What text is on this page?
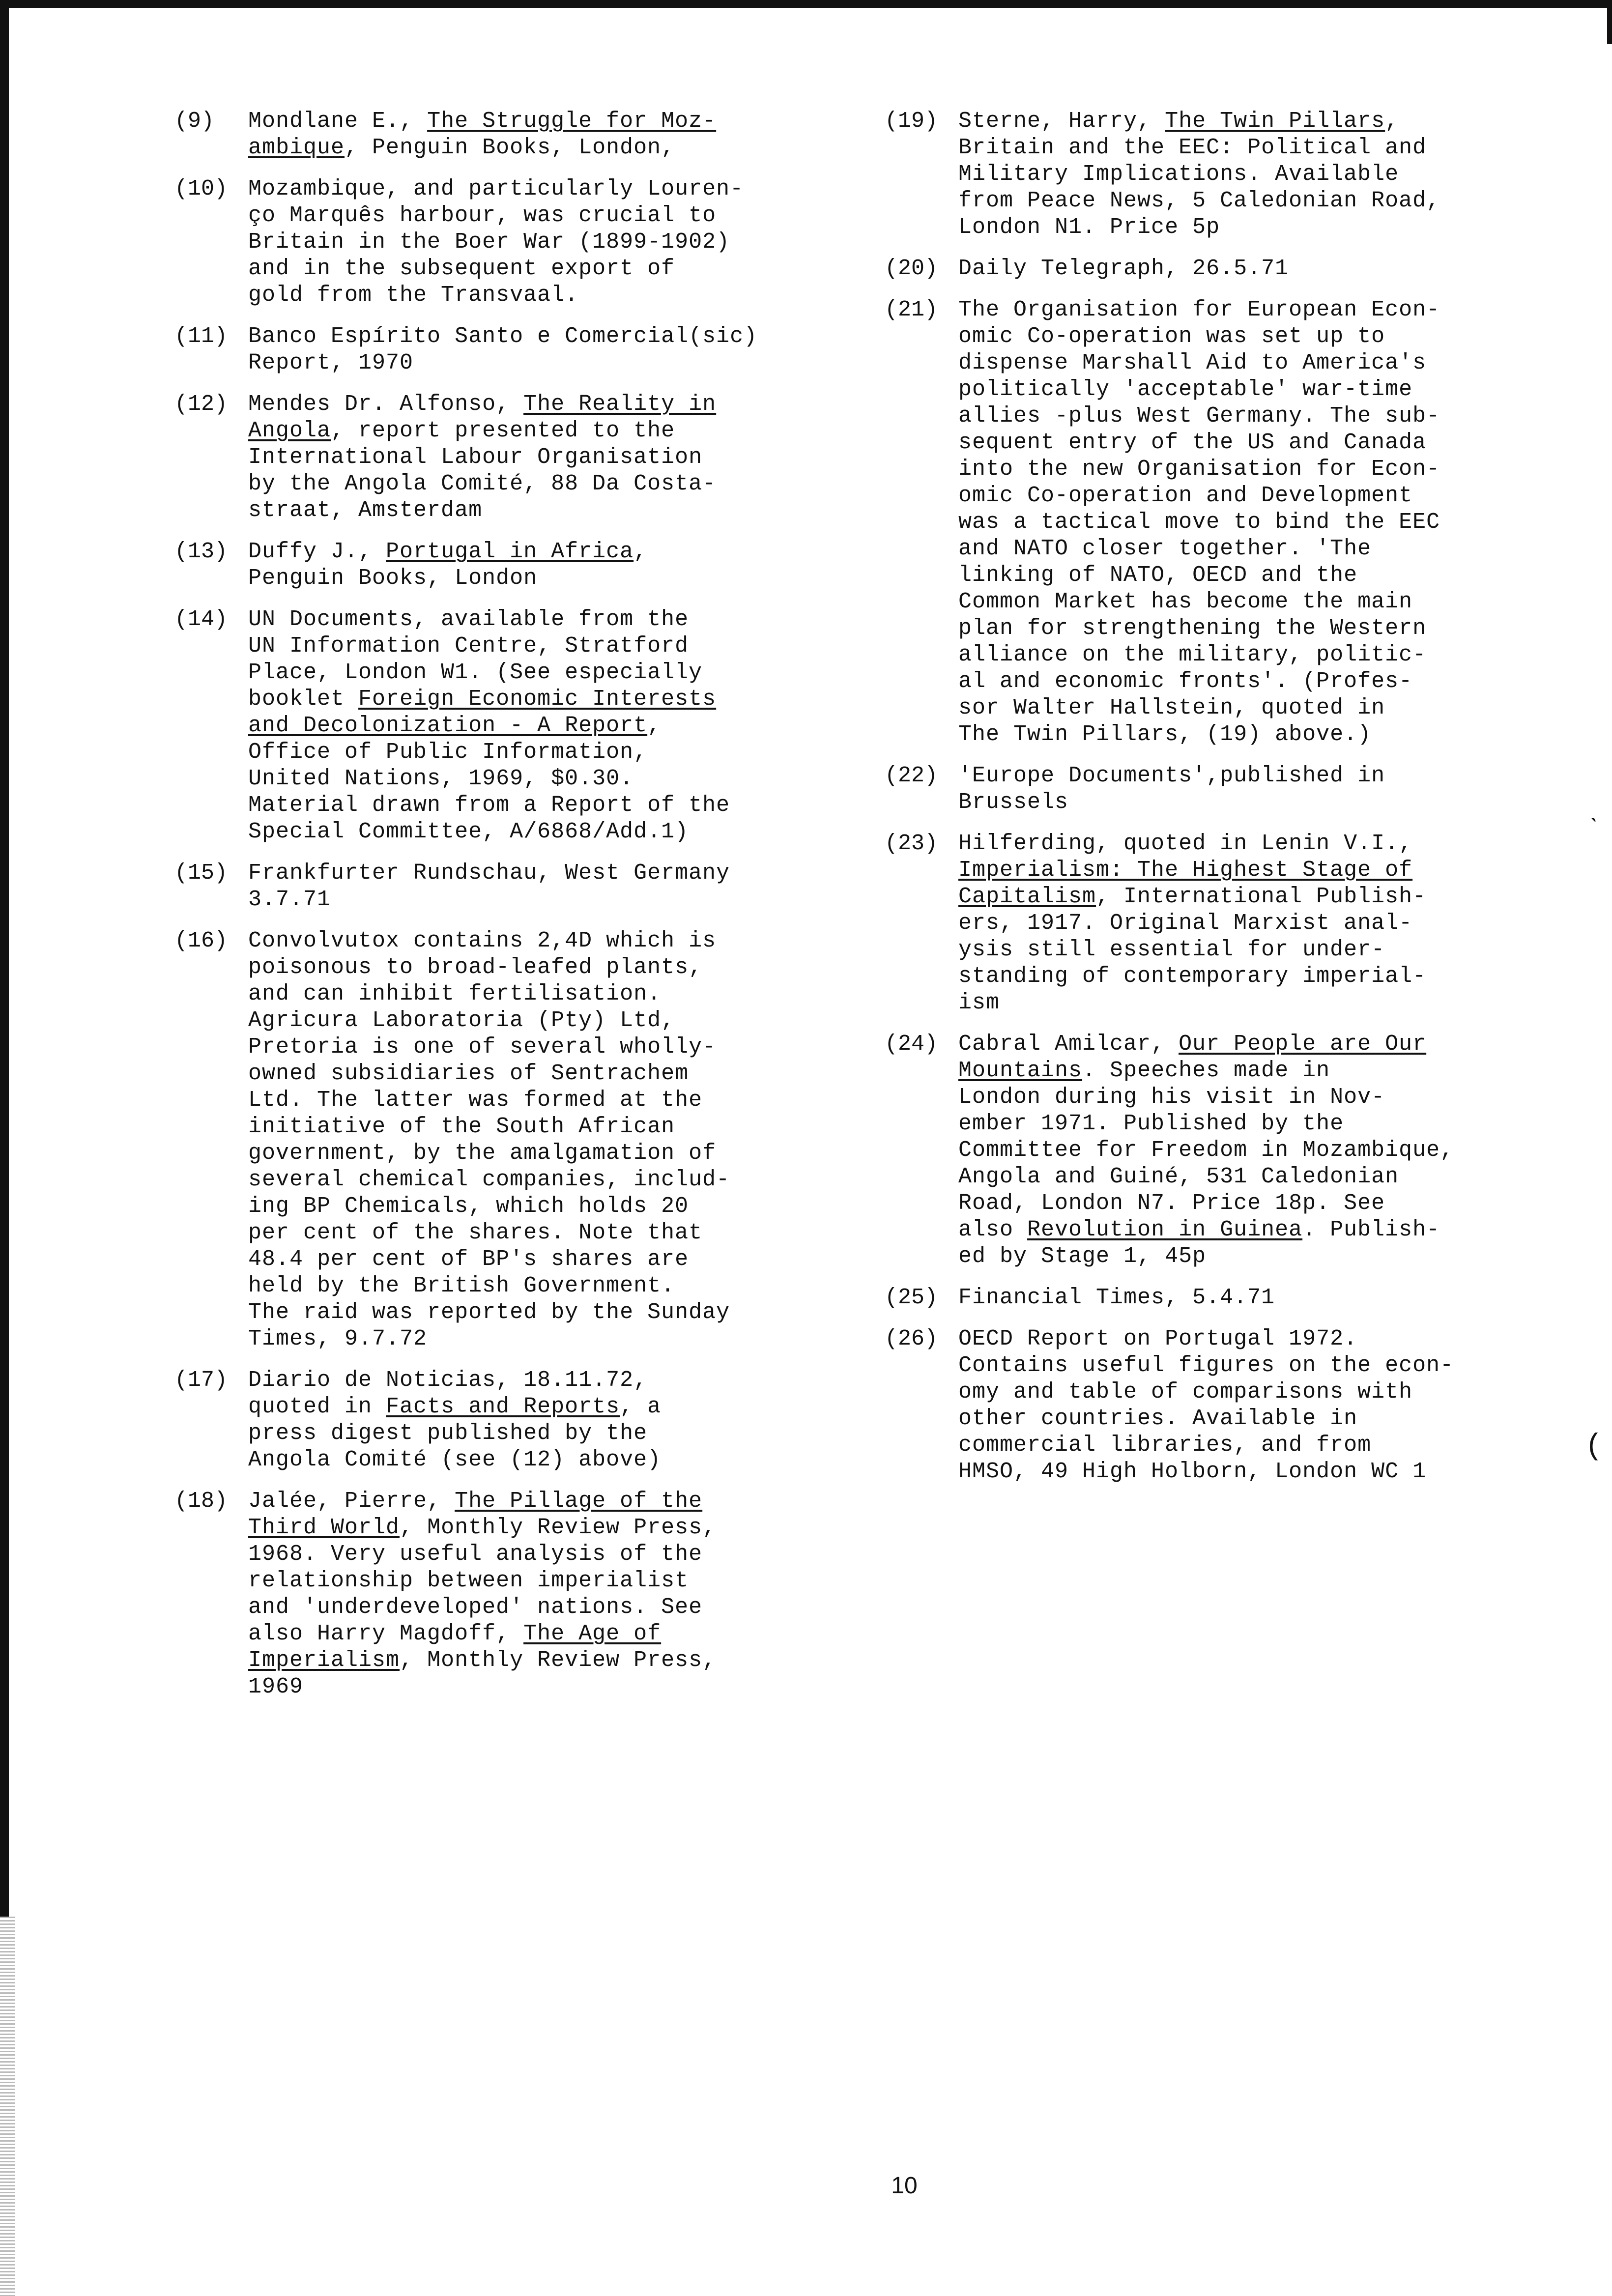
(9)	Mondlane E., The Struggle for Moz-
ambique, Penguin Books, London,
(10) Mozambique, and particularly Louren-
ço Marquês harbour, was crucial to
Britain in the Boer War (1899-1902)
and in the subsequent export of
gold from the Transvaal.
(11) Banco Espírito Santo e Comercial(sic)
Report, 1970
(12) Mendes Dr. Alfonso, The Reality in
Angola, report presented to the
International Labour Organisation
by the Angola Comité, 88 Da Costa-
straat, Amsterdam
(13) Duffy J., Portugal in Africa,
Penguin Books, London
(14) UN Documents, available from the
UN Information Centre, Stratford
Place, London W1. (See especially
booklet Foreign Economic Interests
and Decolonization - A Report,
Office of Public Information,
United Nations, 1969, $0.30.
Material drawn from a Report of the
Special Committee, A/6868/Add.1)
(15) Frankfurter Rundschau, West Germany
3.7.71
(16) Convolvutox contains 2,4D which is
poisonous to broad-leafed plants,
and can inhibit fertilisation.
Agricura Laboratoria (Pty) Ltd,
Pretoria is one of several wholly-
owned subsidiaries of Sentrachem
Ltd. The latter was formed at the
initiative of the South African
government, by the amalgamation of
several chemical companies, includ-
ing BP Chemicals, which holds 20
per cent of the shares. Note that
48.4 per cent of BP's shares are
held by the British Government.
The raid was reported by the Sunday
Times, 9.7.72
(17) Diario de Noticias, 18.11.72,
quoted in Facts and Reports, a
press digest published by the
Angola Comité (see (12) above)
(18) Jalée, Pierre, The Pillage of the
Third World, Monthly Review Press,
1968. Very useful analysis of the
relationship between imperialist
and 'underdeveloped' nations. See
also Harry Magdoff, The Age of
Imperialism, Monthly Review Press,
1969
(19) Sterne, Harry, The Twin Pillars,
Britain and the EEC: Political and
Military Implications. Available
from Peace News, 5 Caledonian Road,
London N1. Price 5p
(20) Daily Telegraph, 26.5.71
(21) The Organisation for European Econ-
omic Co-operation was set up to
dispense Marshall Aid to America's
politically 'acceptable' war-time
allies -plus West Germany. The sub-
sequent entry of the US and Canada
into the new Organisation for Econ-
omic Co-operation and Development
was a tactical move to bind the EEC
and NATO closer together. 'The
linking of NATO, OECD and the
Common Market has become the main
plan for strengthening the Western
alliance on the military, politic-
al and economic fronts'. (Profes-
sor Walter Hallstein, quoted in
The Twin Pillars, (19) above.)
(22) 'Europe Documents',published in
Brussels
(23) Hilferding, quoted in Lenin V.I.,
Imperialism: The Highest Stage of
Capitalism, International Publish-
ers, 1917. Original Marxist anal-
ysis still essential for under-
standing of contemporary imperial-
ism
(24) Cabral Amilcar, Our People are Our
Mountains. Speeches made in
London during his visit in Nov-
ember 1971. Published by the
Committee for Freedom in Mozambique,
Angola and Guiné, 531 Caledonian
Road, London N7. Price 18p. See
also Revolution in Guinea. Publish-
ed by Stage 1, 45p
(25) Financial Times, 5.4.71
(26) OECD Report on Portugal 1972.
Contains useful figures on the econ-
omy and table of comparisons with
other countries. Available in
commercial libraries, and from
HMSO, 49 High Holborn, London WC 1
10
ˋ
(
